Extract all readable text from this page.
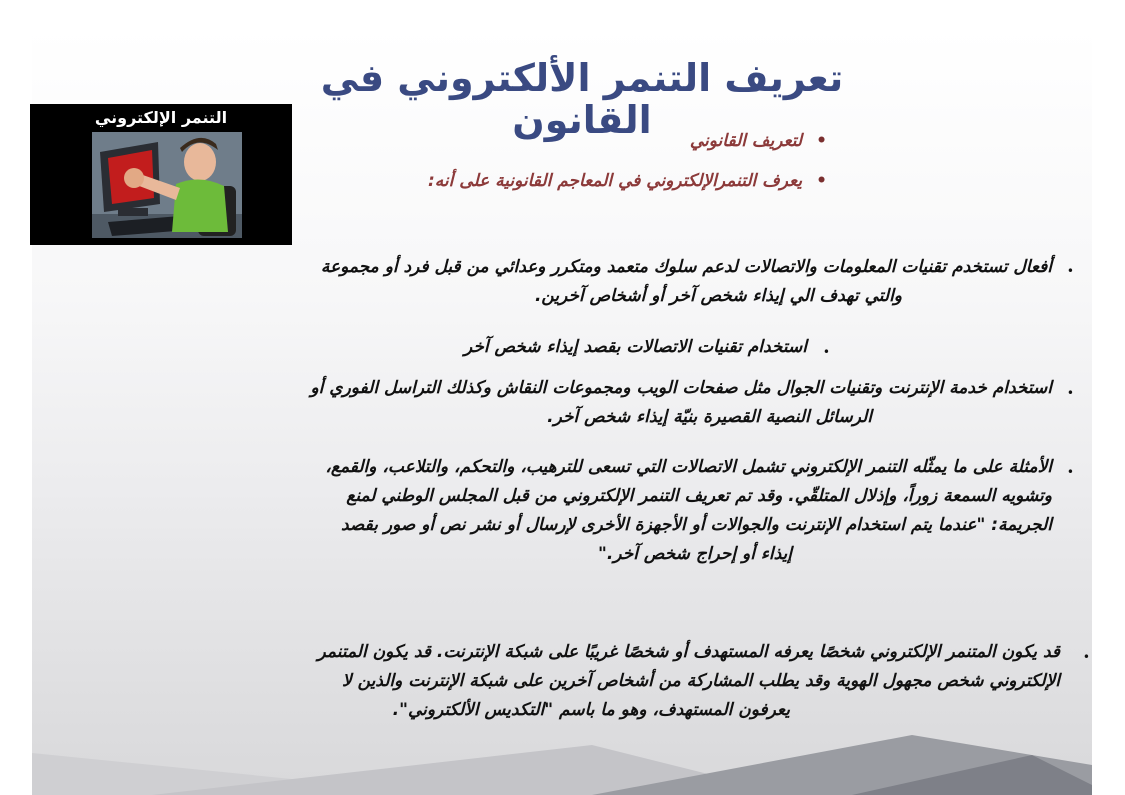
تعريف التنمر الألكتروني في القانون	•لتعريف القانوني
•يعرف التنمرالإلكتروني في المعاجم القانونية على أنه:
•
أفعال تستخدم تقنيات المعلومات والاتصالات لدعم سلوك متعمد ومتكرر وعدائي من قبل فرد أو مجموعة
والتي تهدف الي إيذاء شخص آخر أو أشخاص آخرين.
•
استخدام تقنيات الاتصالات بقصد إيذاء شخص آخر
•
استخدام خدمة الإنترنت وتقنيات الجوال مثل صفحات الويب ومجموعات النقاش وكذلك التراسل الفوري أو
الرسائل النصية القصيرة بنيّة إيذاء شخص آخر.
•
الأمثلة على ما يمثّله التنمر الإلكتروني تشمل الاتصالات التي تسعى للترهيب، والتحكم، والتلاعب، والقمع،
وتشويه السمعة زوراً، وإذلال المتلقّي. وقد تم تعريف التنمر الإلكتروني من قبل المجلس الوطني لمنع
الجريمة: "عندما يتم استخدام الإنترنت والجوالات أو الأجهزة الأخرى لإرسال أو نشر نص أو صور بقصد
إيذاء أو إحراج شخص آخر."
•
قد يكون المتنمر الإلكتروني شخصًا يعرفه المستهدف أو شخصًا غريبًا على شبكة الإنترنت. قد يكون المتنمر
الإلكتروني شخص مجهول الهوية وقد يطلب المشاركة من أشخاص آخرين على شبكة الإنترنت والذين لا
يعرفون المستهدف، وهو ما باسم "التكديس الألكتروني".
التنمر الإلكتروني
